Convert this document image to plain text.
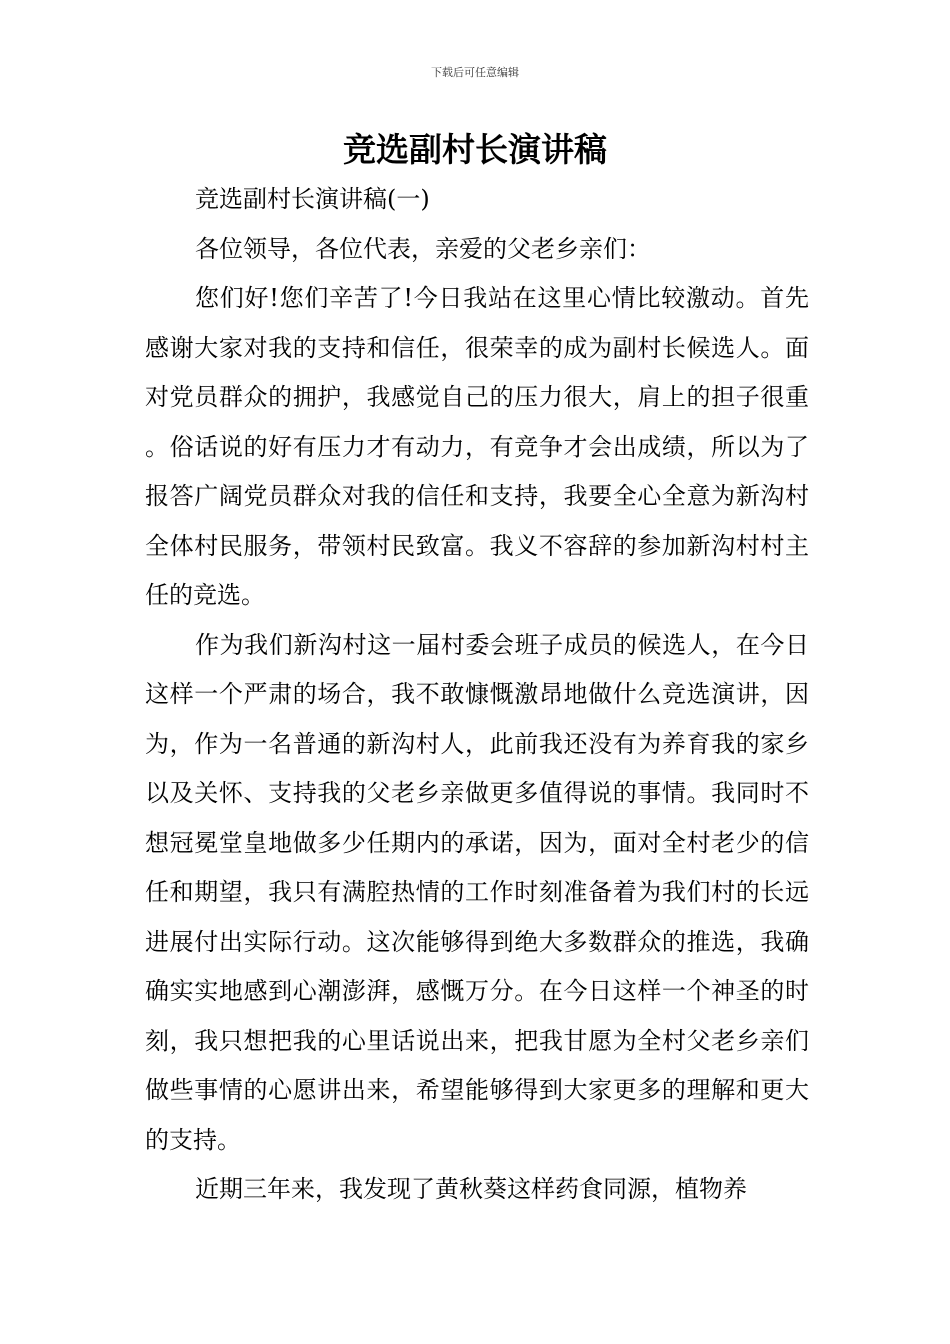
下载后可任意编辑
竞选副村长演讲稿

竞选副村长演讲稿(一)

各位领导，各位代表，亲爱的父老乡亲们：

您们好!您们辛苦了!今日我站在这里心情比较激动。首先感谢大家对我的支持和信任，很荣幸的成为副村长候选人。面对党员群众的拥护，我感觉自己的压力很大，肩上的担子很重。俗话说的好有压力才有动力，有竞争才会出成绩，所以为了报答广阔党员群众对我的信任和支持，我要全心全意为新沟村全体村民服务，带领村民致富。我义不容辞的参加新沟村村主任的竞选。

作为我们新沟村这一届村委会班子成员的候选人，在今日这样一个严肃的场合，我不敢慷慨激昂地做什么竞选演讲，因为，作为一名普通的新沟村人，此前我还没有为养育我的家乡以及关怀、支持我的父老乡亲做更多值得说的事情。我同时不想冠冕堂皇地做多少任期内的承诺，因为，面对全村老少的信任和期望，我只有满腔热情的工作时刻准备着为我们村的长远进展付出实际行动。这次能够得到绝大多数群众的推选，我确确实实地感到心潮澎湃，感慨万分。在今日这样一个神圣的时刻，我只想把我的心里话说出来，把我甘愿为全村父老乡亲们做些事情的心愿讲出来，希望能够得到大家更多的理解和更大的支持。

近期三年来，我发现了黄秋葵这样药食同源，植物养
